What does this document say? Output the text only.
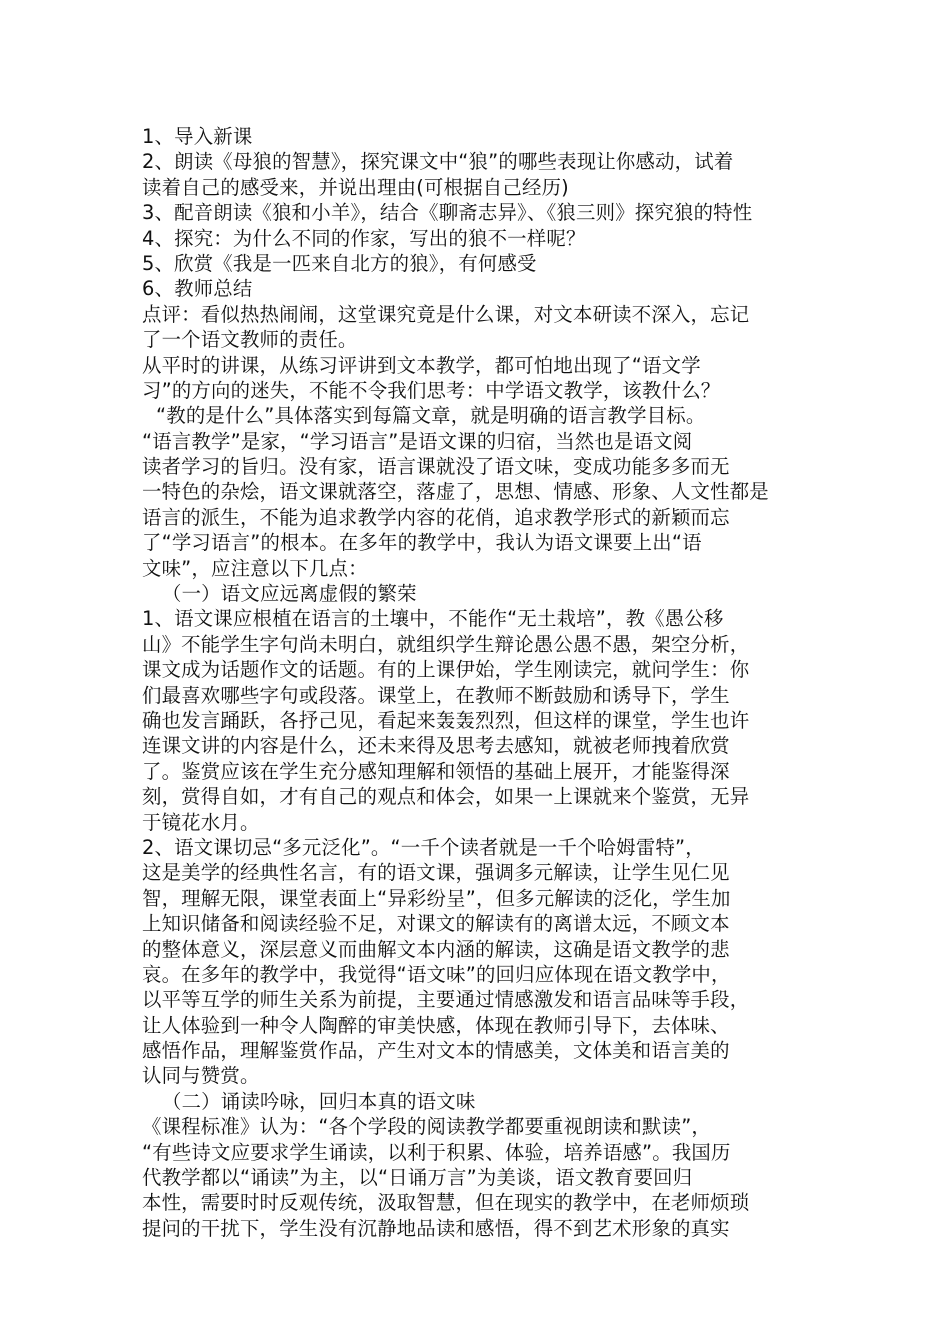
1、导入新课
2、朗读《母狼的智慧》，探究课文中“狼”的哪些表现让你感动，试着
读着自己的感受来，并说出理由(可根据自己经历)
3、配音朗读《狼和小羊》，结合《聊斋志异》、《狼三则》探究狼的特性
4、探究：为什么不同的作家，写出的狼不一样呢？
5、欣赏《我是一匹来自北方的狼》，有何感受
6、教师总结
点评：看似热热闹闹，这堂课究竟是什么课，对文本研读不深入，忘记
了一个语文教师的责任。
从平时的讲课，从练习评讲到文本教学，都可怕地出现了“语文学
习”的方向的迷失，不能不令我们思考：中学语文教学，该教什么？
“教的是什么”具体落实到每篇文章，就是明确的语言教学目标。
“语言教学”是家，“学习语言”是语文课的归宿，当然也是语文阅
读者学习的旨归。没有家，语言课就没了语文味，变成功能多多而无
一特色的杂烩，语文课就落空，落虚了，思想、情感、形象、人文性都是
语言的派生，不能为追求教学内容的花俏，追求教学形式的新颖而忘
了“学习语言”的根本。在多年的教学中，我认为语文课要上出“语
文味”，应注意以下几点：
（一）语文应远离虚假的繁荣
1、语文课应根植在语言的土壤中，不能作“无土栽培”，教《愚公移
山》不能学生字句尚未明白，就组织学生辩论愚公愚不愚，架空分析，
课文成为话题作文的话题。有的上课伊始，学生刚读完，就问学生：你
们最喜欢哪些字句或段落。课堂上，在教师不断鼓励和诱导下，学生
确也发言踊跃，各抒己见，看起来轰轰烈烈，但这样的课堂，学生也许
连课文讲的内容是什么，还未来得及思考去感知，就被老师拽着欣赏
了。鉴赏应该在学生充分感知理解和领悟的基础上展开，才能鉴得深
刻，赏得自如，才有自己的观点和体会，如果一上课就来个鉴赏，无异
于镜花水月。
2、语文课切忌“多元泛化”。“一千个读者就是一千个哈姆雷特”，
这是美学的经典性名言，有的语文课，强调多元解读，让学生见仁见
智，理解无限，课堂表面上“异彩纷呈”，但多元解读的泛化，学生加
上知识储备和阅读经验不足，对课文的解读有的离谱太远，不顾文本
的整体意义，深层意义而曲解文本内涵的解读，这确是语文教学的悲
哀。在多年的教学中，我觉得“语文味”的回归应体现在语文教学中，
以平等互学的师生关系为前提，主要通过情感激发和语言品味等手段，
让人体验到一种令人陶醉的审美快感，体现在教师引导下，去体味、
感悟作品，理解鉴赏作品，产生对文本的情感美，文体美和语言美的
认同与赞赏。
（二）诵读吟咏，回归本真的语文味
《课程标准》认为：“各个学段的阅读教学都要重视朗读和默读”，
“有些诗文应要求学生诵读，以利于积累、体验，培养语感”。我国历
代教学都以“诵读”为主，以“日诵万言”为美谈，语文教育要回归
本性，需要时时反观传统，汲取智慧，但在现实的教学中，在老师烦琐
提问的干扰下，学生没有沉静地品读和感悟，得不到艺术形象的真实
